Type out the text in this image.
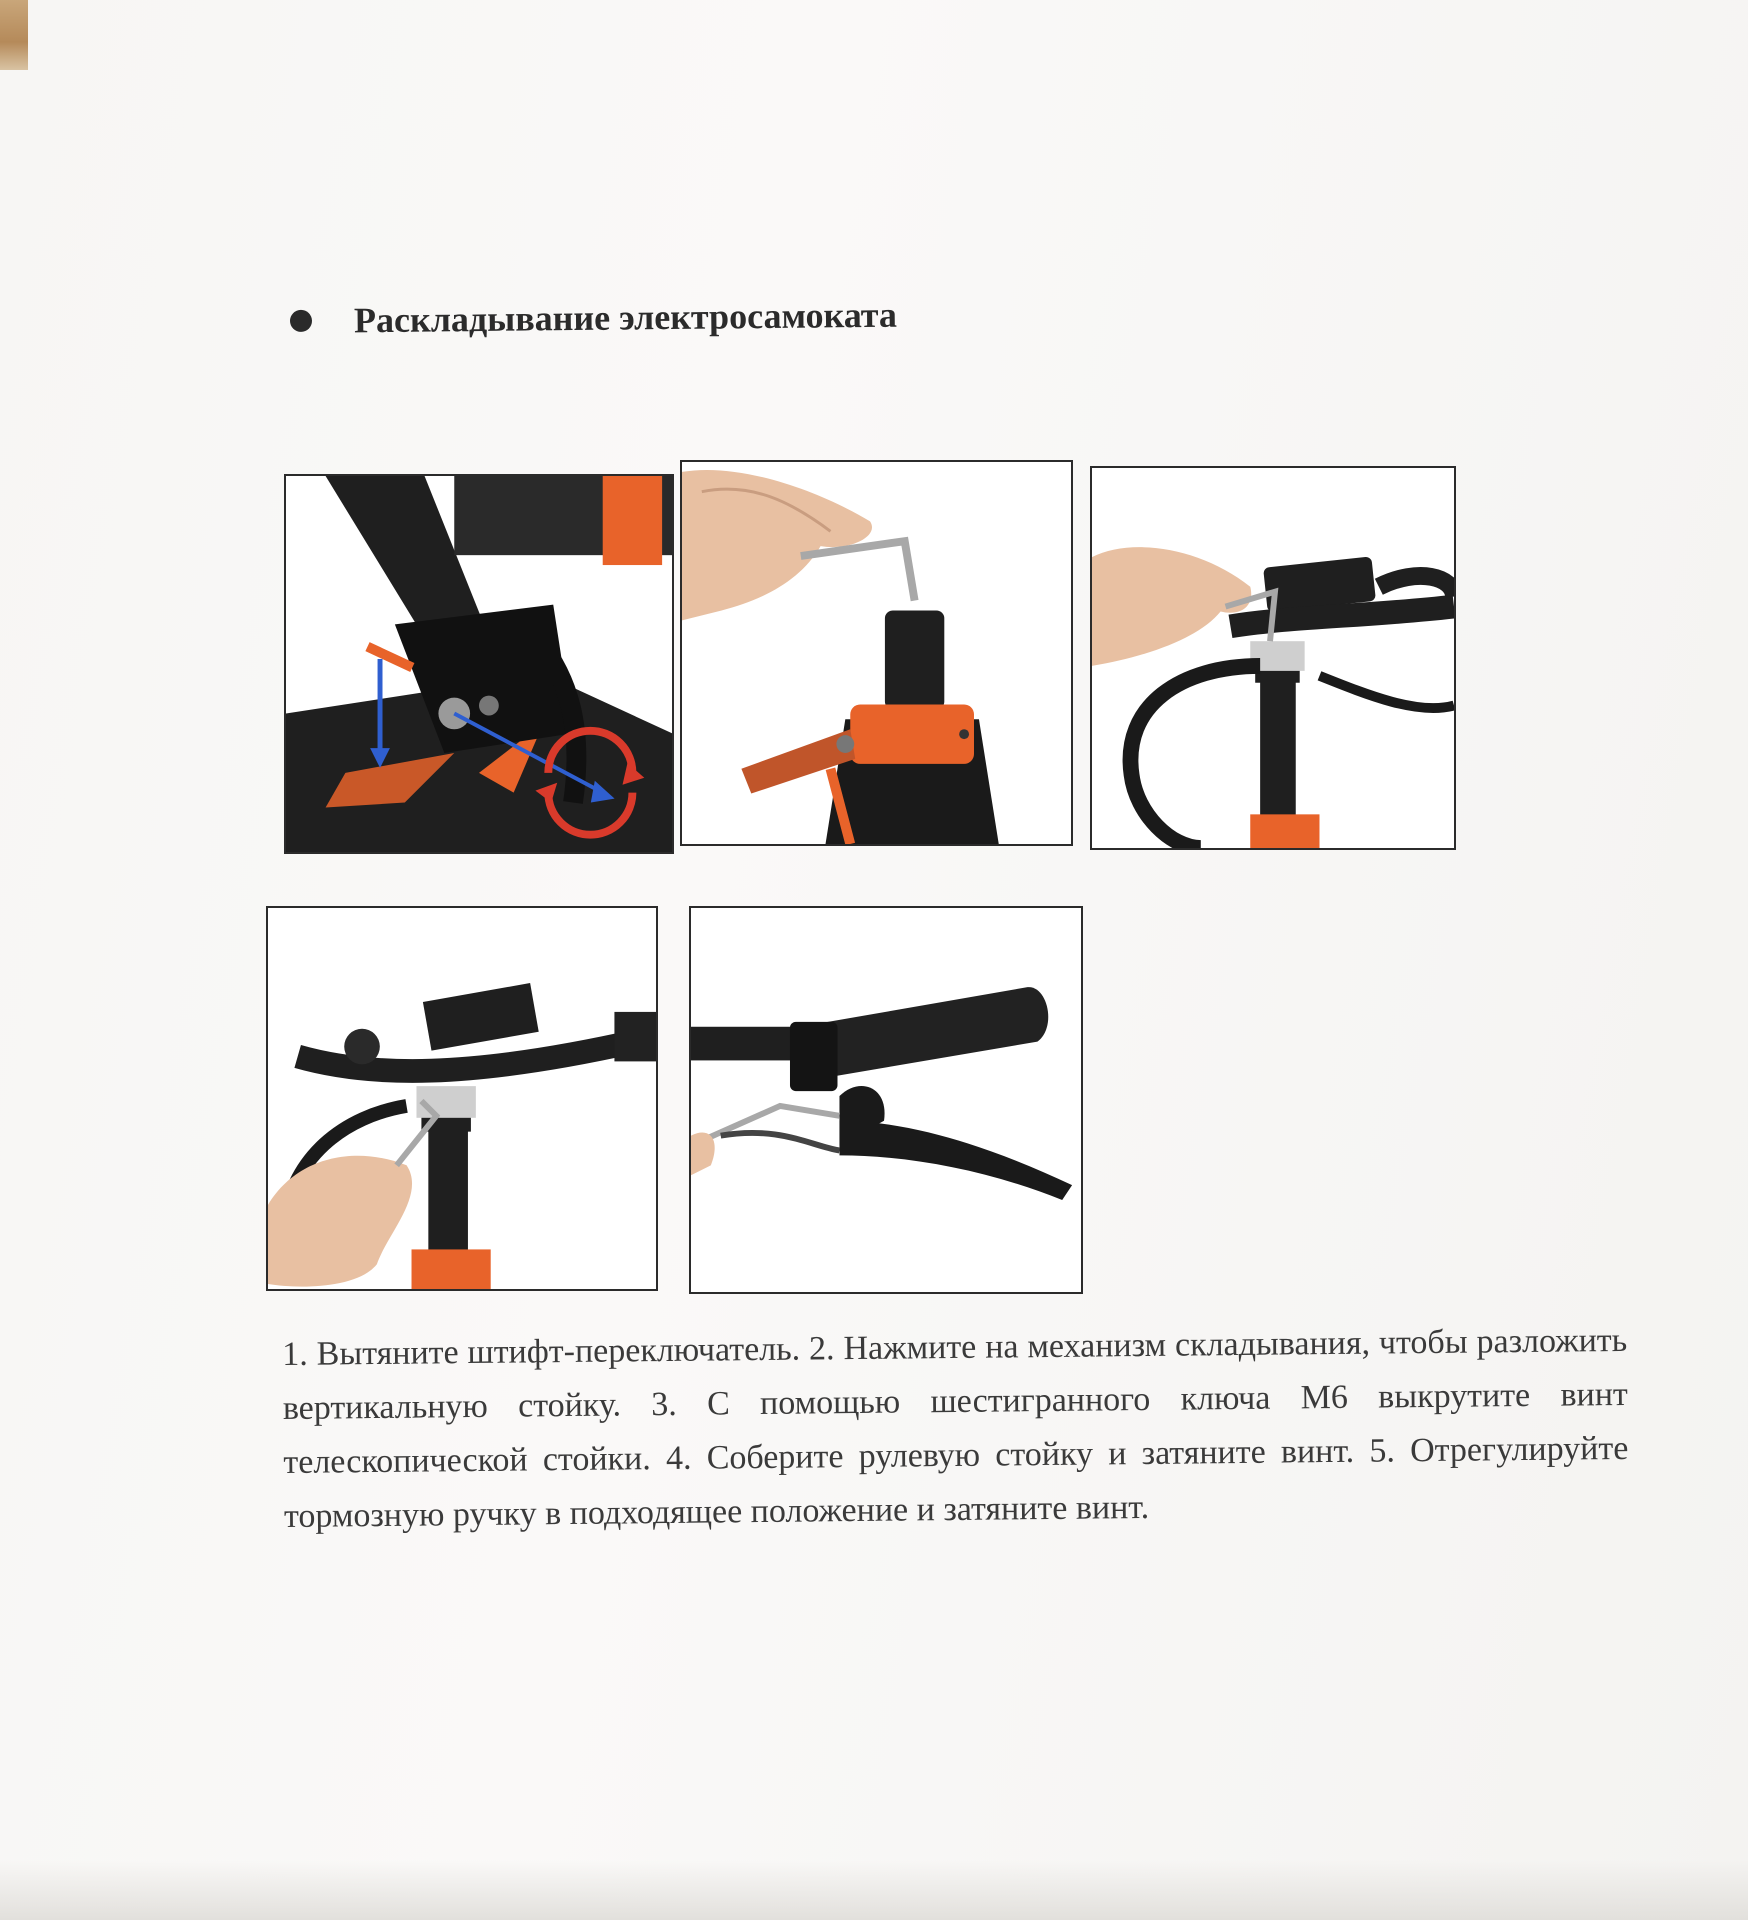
Раскладывание электросамоката
1. Вытяните штифт-переключатель. 2. Нажмите на механизм складывания, чтобы разложить вертикальную стойку. 3. С помощью шестигранного ключа М6 выкрутите винт телескопической стойки. 4. Соберите рулевую стойку и затяните винт. 5. Отрегулируйте тормозную ручку в подходящее положение и затяните винт.
